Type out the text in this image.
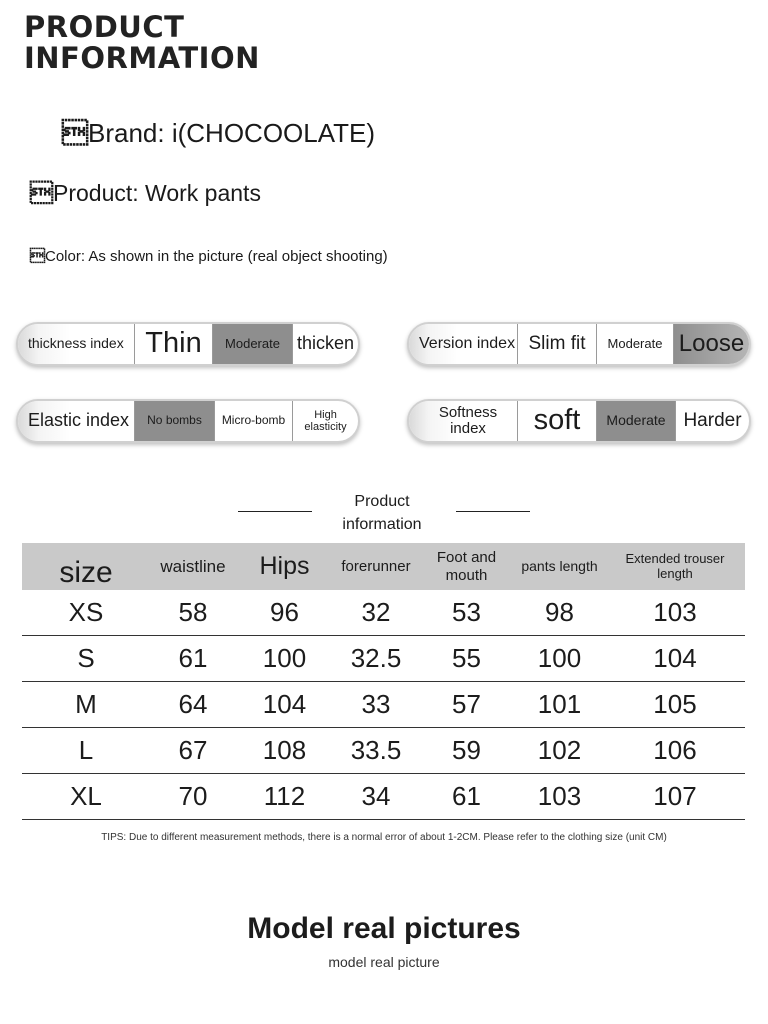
PRODUCT
INFORMATION
Brand: i(CHOCOOLATE)
Product: Work pants
Color: As shown in the picture (real object shooting)
thickness index Thin	Moderate thicken	Version index Slim fit	Moderate Loose
Elastic index	No bombs	Micro-bomb	High elasticity
Softness index	soft	Moderate Harder
Product
information
size	waistline	Hips	forerunner	Foot and mouth	pants length	Extended trouser length
XS	58	96	32	53	98	103
S	61	100	32.5	55	100	104
M	64	104	33	57	101	105
L	67	108	33.5	59	102	106
XL	70	112	34	61	103	107
TIPS: Due to different measurement methods, there is a normal error of about 1-2CM. Please refer to the clothing size (unit CM)
Model real pictures
model real picture
